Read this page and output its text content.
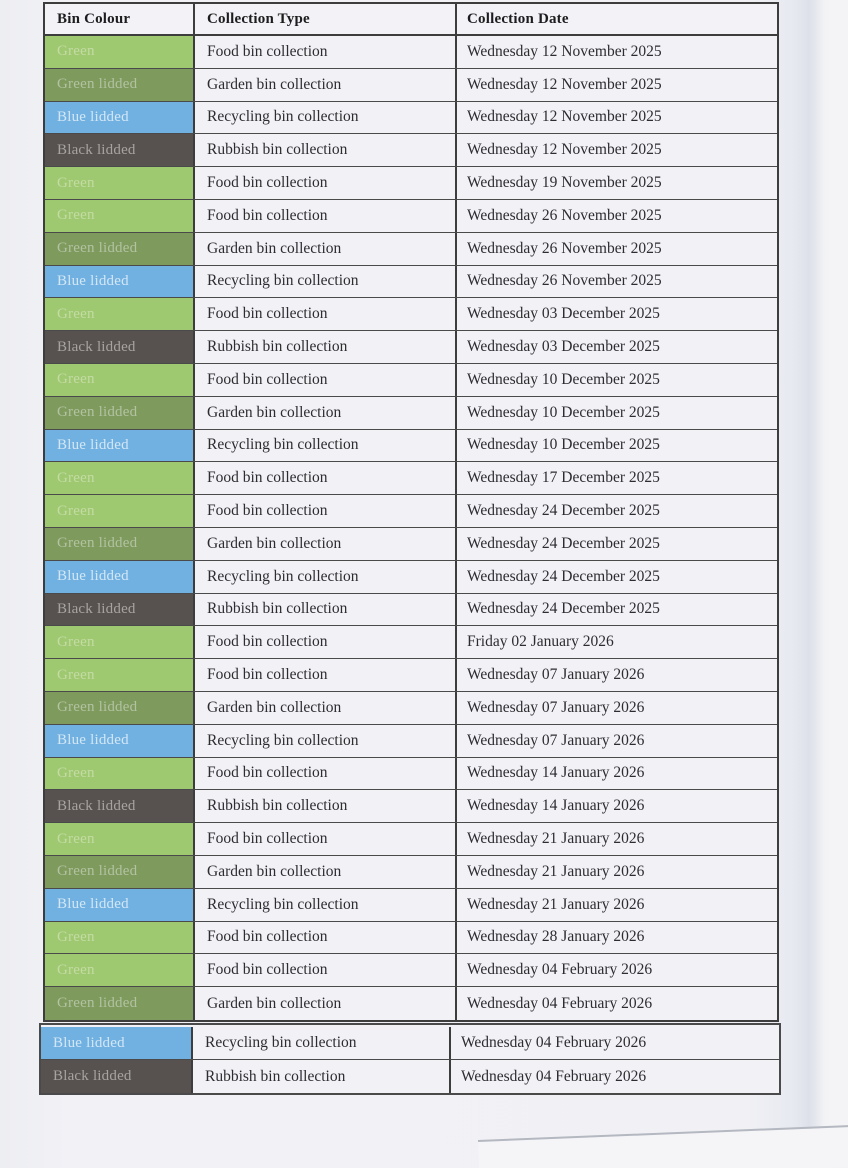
Bin Colour	Collection Type	Collection Date
Green	Food bin collection	Wednesday 12 November 2025
Green lidded	Garden bin collection	Wednesday 12 November 2025
Blue lidded	Recycling bin collection	Wednesday 12 November 2025
Black lidded	Rubbish bin collection	Wednesday 12 November 2025
Green	Food bin collection	Wednesday 19 November 2025
Green	Food bin collection	Wednesday 26 November 2025
Green lidded	Garden bin collection	Wednesday 26 November 2025
Blue lidded	Recycling bin collection	Wednesday 26 November 2025
Green	Food bin collection	Wednesday 03 December 2025
Black lidded	Rubbish bin collection	Wednesday 03 December 2025
Green	Food bin collection	Wednesday 10 December 2025
Green lidded	Garden bin collection	Wednesday 10 December 2025
Blue lidded	Recycling bin collection	Wednesday 10 December 2025
Green	Food bin collection	Wednesday 17 December 2025
Green	Food bin collection	Wednesday 24 December 2025
Green lidded	Garden bin collection	Wednesday 24 December 2025
Blue lidded	Recycling bin collection	Wednesday 24 December 2025
Black lidded	Rubbish bin collection	Wednesday 24 December 2025
Green	Food bin collection	Friday 02 January 2026
Green	Food bin collection	Wednesday 07 January 2026
Green lidded	Garden bin collection	Wednesday 07 January 2026
Blue lidded	Recycling bin collection	Wednesday 07 January 2026
Green	Food bin collection	Wednesday 14 January 2026
Black lidded	Rubbish bin collection	Wednesday 14 January 2026
Green	Food bin collection	Wednesday 21 January 2026
Green lidded	Garden bin collection	Wednesday 21 January 2026
Blue lidded	Recycling bin collection	Wednesday 21 January 2026
Green	Food bin collection	Wednesday 28 January 2026
Green	Food bin collection	Wednesday 04 February 2026
Green lidded	Garden bin collection	Wednesday 04 February 2026
Blue lidded	Recycling bin collection	Wednesday 04 February 2026
Black lidded	Rubbish bin collection	Wednesday 04 February 2026
